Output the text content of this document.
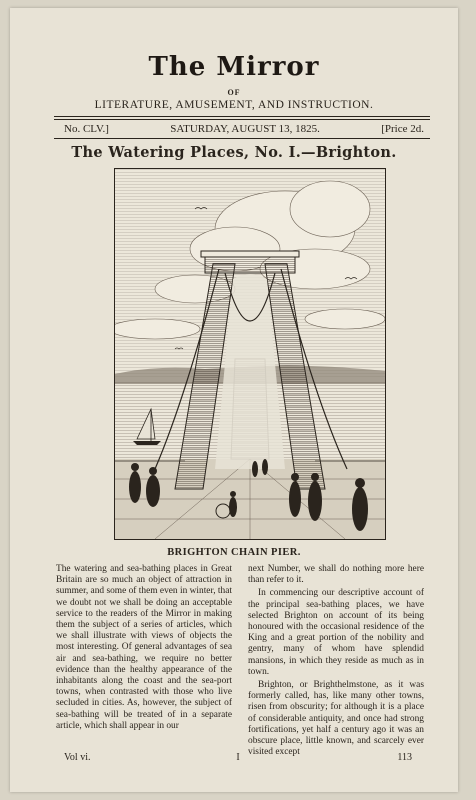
The Mirror
OF
LITERATURE, AMUSEMENT, AND INSTRUCTION.
No. CLV.]	SATURDAY, AUGUST 13, 1825.	[Price 2d.
The Watering Places, No. I.—Brighton.
BRIGHTON CHAIN PIER.

The watering and sea-bathing places in Great Britain are so much an object of attraction in summer, and some of them even in winter, that we doubt not we shall be doing an acceptable service to the readers of the Mirror in making them the subject of a series of articles, which we shall illustrate with views of objects the most interesting. Of general advantages of sea air and sea-bathing, we require no better evidence than the healthy appearance of the inhabitants along the coast and the sea-port towns, when contrasted with those who live secluded in cities. As, however, the subject of sea-bathing will be treated of in a separate article, which shall appear in our

next Number, we shall do nothing more here than refer to it.

In commencing our descriptive account of the principal sea-bathing places, we have selected Brighton on account of its being honoured with the occasional residence of the King and a great portion of the nobility and gentry, many of whom have splendid mansions, in which they reside as much as in town.

Brighton, or Brighthelmstone, as it was formerly called, has, like many other towns, risen from obscurity; for although it is a place of considerable antiquity, and once had strong fortifications, yet half a century ago it was an obscure place, little known, and scarcely ever visited except

Vol vi.	I	113
